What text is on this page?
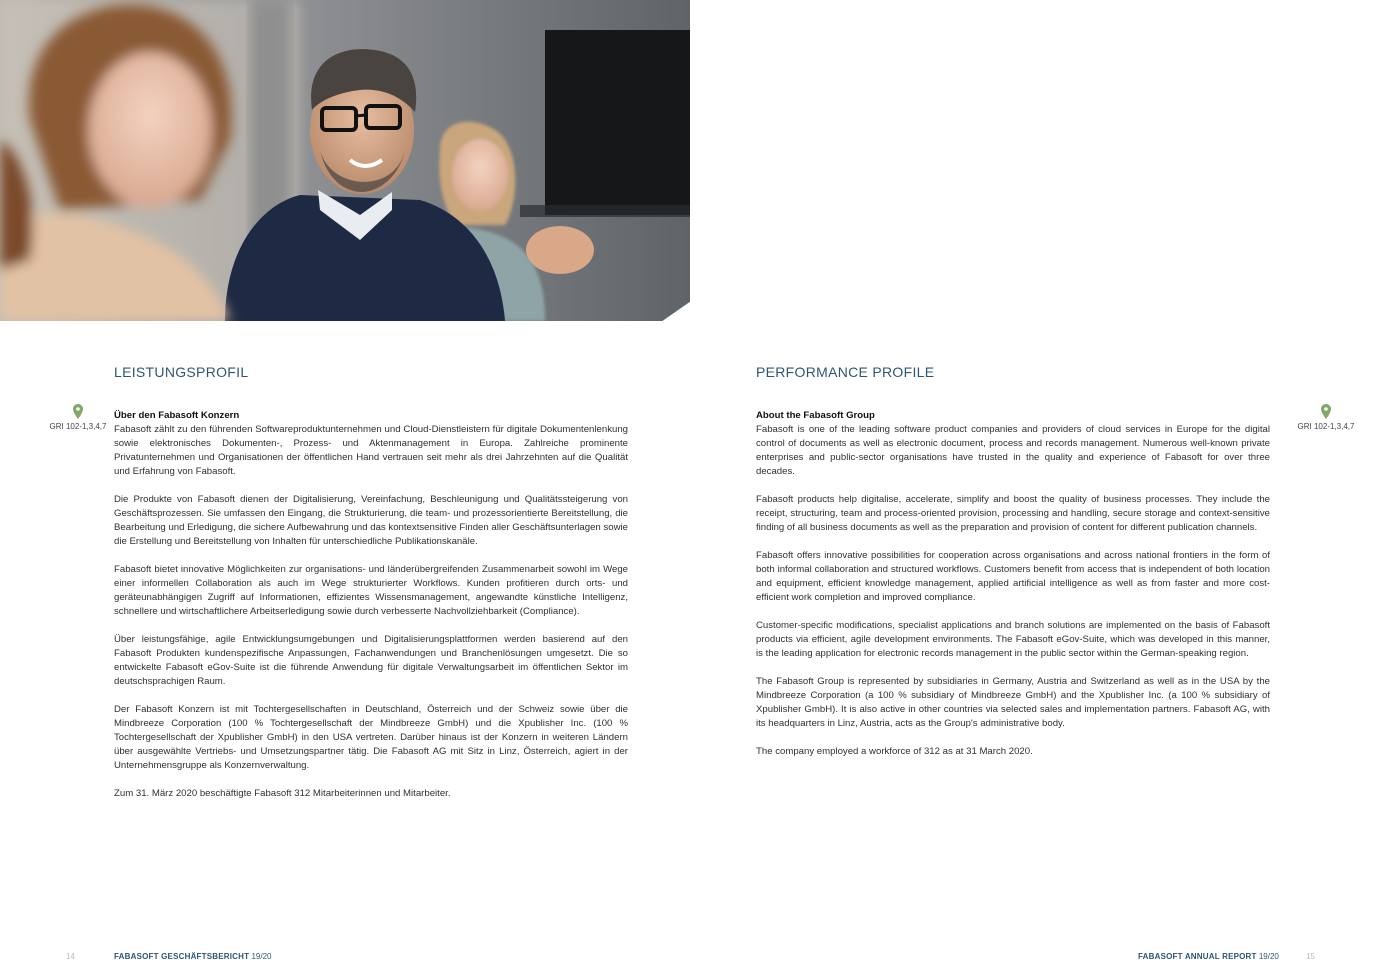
LEISTUNGSPROFIL
GRI 102-1,3,4,7
Über den Fabasoft Konzern

Fabasoft zählt zu den führenden Softwareproduktunternehmen und Cloud-Dienstleistern für digitale Dokumentenlenkung sowie elektronisches Dokumenten-, Prozess- und Aktenmanagement in Europa. Zahlreiche prominente Privatunternehmen und Organisationen der öffentlichen Hand vertrauen seit mehr als drei Jahrzehnten auf die Qualität und Erfahrung von Fabasoft.

Die Produkte von Fabasoft dienen der Digitalisierung, Vereinfachung, Beschleunigung und Qualitätssteigerung von Geschäftsprozessen. Sie umfassen den Eingang, die Strukturierung, die team- und prozessorientierte Bereitstellung, die Bearbeitung und Erledigung, die sichere Aufbewahrung und das kontextsensitive Finden aller Geschäftsunterlagen sowie die Erstellung und Bereitstellung von Inhalten für unterschiedliche Publikationskanäle.

Fabasoft bietet innovative Möglichkeiten zur organisations- und länderübergreifenden Zusammenarbeit sowohl im Wege einer informellen Collaboration als auch im Wege strukturierter Workflows. Kunden profitieren durch orts- und geräteunabhängigen Zugriff auf Informationen, effizientes Wissensmanagement, angewandte künstliche Intelligenz, schnellere und wirtschaftlichere Arbeitserledigung sowie durch verbesserte Nachvollziehbarkeit (Compliance).

Über leistungsfähige, agile Entwicklungsumgebungen und Digitalisierungsplattformen werden basierend auf den Fabasoft Produkten kundenspezifische Anpassungen, Fachanwendungen und Branchenlösungen umgesetzt. Die so entwickelte Fabasoft eGov-Suite ist die führende Anwendung für digitale Verwaltungsarbeit im öffentlichen Sektor im deutschsprachigen Raum.

Der Fabasoft Konzern ist mit Tochtergesellschaften in Deutschland, Österreich und der Schweiz sowie über die Mindbreeze Corporation (100 % Tochtergesellschaft der Mindbreeze GmbH) und die Xpublisher Inc. (100 % Tochtergesellschaft der Xpublisher GmbH) in den USA vertreten. Darüber hinaus ist der Konzern in weiteren Ländern über ausgewählte Vertriebs- und Umsetzungspartner tätig. Die Fabasoft AG mit Sitz in Linz, Österreich, agiert in der Unternehmensgruppe als Konzernverwaltung.

Zum 31. März 2020 beschäftigte Fabasoft 312 Mitarbeiterinnen und Mitarbeiter.

PERFORMANCE PROFILE
GRI 102-1,3,4,7
About the Fabasoft Group

Fabasoft is one of the leading software product companies and providers of cloud services in Europe for the digital control of documents as well as electronic document, process and records management. Numerous well-known private enterprises and public-sector organisations have trusted in the quality and experience of Fabasoft for over three decades.

Fabasoft products help digitalise, accelerate, simplify and boost the quality of business processes. They include the receipt, structuring, team and process-oriented provision, processing and handling, secure storage and context-sensitive finding of all business documents as well as the preparation and provision of content for different publication channels.

Fabasoft offers innovative possibilities for cooperation across organisations and across national frontiers in the form of both informal collaboration and structured workflows. Customers benefit from access that is independent of both location and equipment, efficient knowledge management, applied artificial intelligence as well as from faster and more cost-efficient work completion and improved compliance.

Customer-specific modifications, specialist applications and branch solutions are implemented on the basis of Fabasoft products via efficient, agile development environments. The Fabasoft eGov-Suite, which was developed in this manner, is the leading application for electronic records management in the public sector within the German-speaking region.

The Fabasoft Group is represented by subsidiaries in Germany, Austria and Switzerland as well as in the USA by the Mindbreeze Corporation (a 100 % subsidiary of Mindbreeze GmbH) and the Xpublisher Inc. (a 100 % subsidiary of Xpublisher GmbH). It is also active in other countries via selected sales and implementation partners. Fabasoft AG, with its headquarters in Linz, Austria, acts as the Group's administrative body.

The company employed a workforce of 312 as at 31 March 2020.

14	FABASOFT GESCHÄFTSBERICHT 19/20	FABASOFT ANNUAL REPORT 19/20	15
